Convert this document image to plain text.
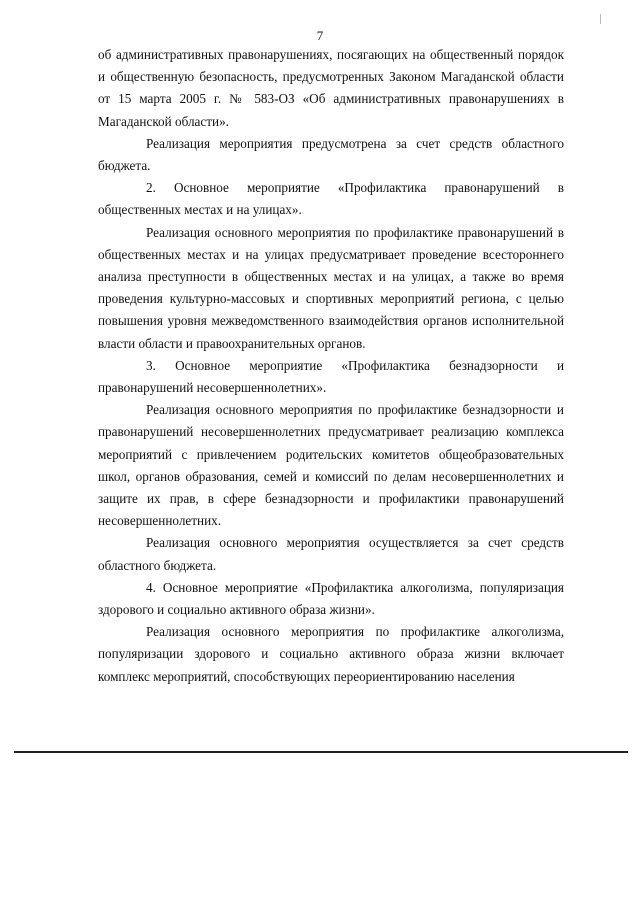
7

об административных правонарушениях, посягающих на общественный порядок и общественную безопасность, предусмотренных Законом Магаданской области от 15 марта 2005 г. № 583-ОЗ «Об административных правонарушениях в Магаданской области».

Реализация мероприятия предусмотрена за счет средств областного бюджета.

2. Основное мероприятие «Профилактика правонарушений в общественных местах и на улицах».

Реализация основного мероприятия по профилактике правонарушений в общественных местах и на улицах предусматривает проведение всестороннего анализа преступности в общественных местах и на улицах, а также во время проведения культурно-массовых и спортивных мероприятий региона, с целью повышения уровня межведомственного взаимодействия органов исполнительной власти области и правоохранительных органов.

3. Основное мероприятие «Профилактика безнадзорности и правонарушений несовершеннолетних».

Реализация основного мероприятия по профилактике безнадзорности и правонарушений несовершеннолетних предусматривает реализацию комплекса мероприятий с привлечением родительских комитетов общеобразовательных школ, органов образования, семей и комиссий по делам несовершеннолетних и защите их прав, в сфере безнадзорности и профилактики правонарушений несовершеннолетних.

Реализация основного мероприятия осуществляется за счет средств областного бюджета.

4. Основное мероприятие «Профилактика алкоголизма, популяризация здорового и социально активного образа жизни».

Реализация основного мероприятия по профилактике алкоголизма, популяризации здорового и социально активного образа жизни включает комплекс мероприятий, способствующих переориентированию населения
